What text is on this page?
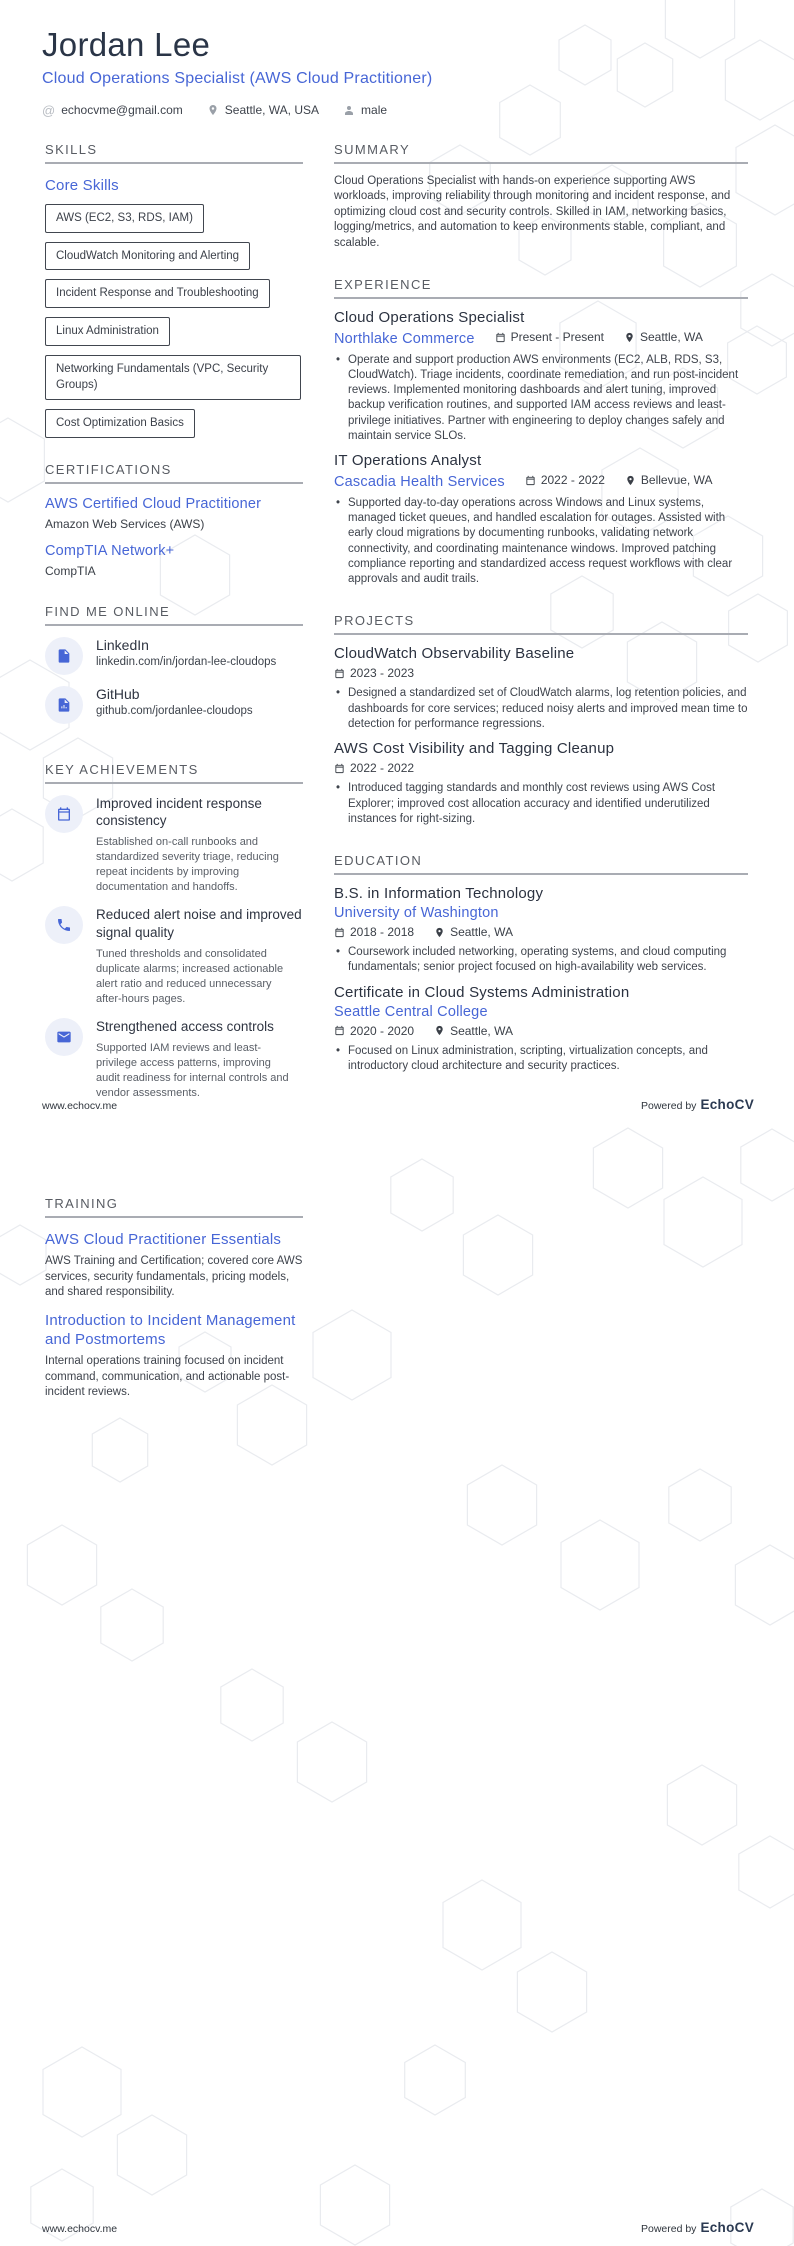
Jordan Lee
Cloud Operations Specialist (AWS Cloud Practitioner)
@ echocvme@gmail.com	Seattle, WA, USA	male
SKILLS
Core Skills
AWS (EC2, S3, RDS, IAM)
CloudWatch Monitoring and Alerting
Incident Response and Troubleshooting
Linux Administration
Networking Fundamentals (VPC, Security Groups)
Cost Optimization Basics
CERTIFICATIONS
AWS Certified Cloud Practitioner
Amazon Web Services (AWS)
CompTIA Network+
CompTIA
FIND ME ONLINE
LinkedIn
linkedin.com/in/jordan-lee-cloudops
GitHub
github.com/jordanlee-cloudops
KEY ACHIEVEMENTS
Improved incident response consistency
Established on-call runbooks and standardized severity triage, reducing repeat incidents by improving documentation and handoffs.
Reduced alert noise and improved signal quality
Tuned thresholds and consolidated duplicate alarms; increased actionable alert ratio and reduced unnecessary after-hours pages.
Strengthened access controls
Supported IAM reviews and least-privilege access patterns, improving audit readiness for internal controls and vendor assessments.
SUMMARY
Cloud Operations Specialist with hands-on experience supporting AWS workloads, improving reliability through monitoring and incident response, and optimizing cloud cost and security controls. Skilled in IAM, networking basics, logging/metrics, and automation to keep environments stable, compliant, and scalable.
EXPERIENCE
Cloud Operations Specialist
Northlake Commerce	Present - Present	Seattle, WA
• Operate and support production AWS environments (EC2, ALB, RDS, S3, CloudWatch). Triage incidents, coordinate remediation, and run post-incident reviews. Implemented monitoring dashboards and alert tuning, improved backup verification routines, and supported IAM access reviews and least-privilege initiatives. Partner with engineering to deploy changes safely and maintain service SLOs.
IT Operations Analyst
Cascadia Health Services	2022 - 2022	Bellevue, WA
• Supported day-to-day operations across Windows and Linux systems, managed ticket queues, and handled escalation for outages. Assisted with early cloud migrations by documenting runbooks, validating network connectivity, and coordinating maintenance windows. Improved patching compliance reporting and standardized access request workflows with clear approvals and audit trails.
PROJECTS
CloudWatch Observability Baseline
2023 - 2023
• Designed a standardized set of CloudWatch alarms, log retention policies, and dashboards for core services; reduced noisy alerts and improved mean time to detection for performance regressions.
AWS Cost Visibility and Tagging Cleanup
2022 - 2022
• Introduced tagging standards and monthly cost reviews using AWS Cost Explorer; improved cost allocation accuracy and identified underutilized instances for right-sizing.
EDUCATION
B.S. in Information Technology
University of Washington
2018 - 2018	Seattle, WA
• Coursework included networking, operating systems, and cloud computing fundamentals; senior project focused on high-availability web services.
Certificate in Cloud Systems Administration
Seattle Central College
2020 - 2020	Seattle, WA
• Focused on Linux administration, scripting, virtualization concepts, and introductory cloud architecture and security practices.
www.echocv.me	Powered by EchoCV
TRAINING
AWS Cloud Practitioner Essentials
AWS Training and Certification; covered core AWS services, security fundamentals, pricing models, and shared responsibility.
Introduction to Incident Management and Postmortems
Internal operations training focused on incident command, communication, and actionable post-incident reviews.
www.echocv.me	Powered by EchoCV
